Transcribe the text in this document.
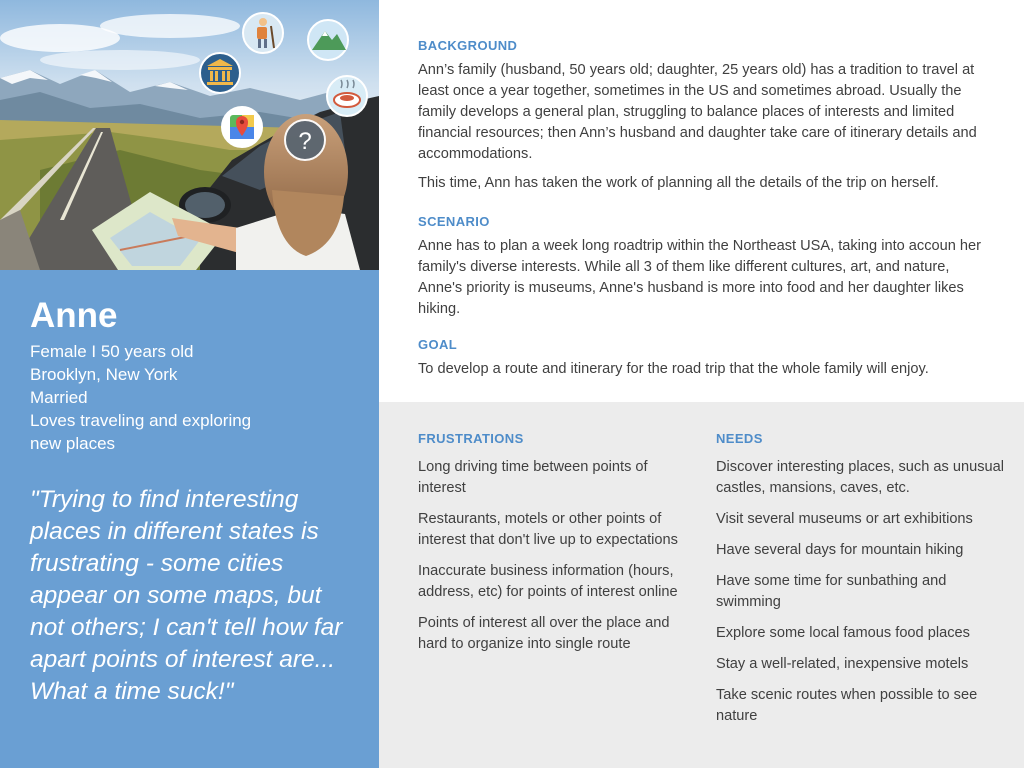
?
Anne
Female I 50 years old
Brooklyn, New York
Married
Loves traveling and exploring
new places
"Trying to find interesting places in different states is frustrating - some cities appear on some maps, but not others; I can't tell how far apart points of interest are... What a time suck!"
BACKGROUND
Ann’s family (husband, 50 years old; daughter, 25 years old) has a tradition to travel at least once a year together, sometimes in the US and sometimes abroad. Usually the family develops a general plan, struggling to balance places of interests and limited financial resources; then Ann’s husband and daughter take care of itinerary details and accommodations.
This time, Ann has taken the work of planning all the details of the trip on herself.
SCENARIO
Anne has to plan a week long roadtrip within the Northeast USA, taking into accoun her family's diverse interests. While all 3 of them like different cultures, art, and nature, Anne's priority is museums, Anne's husband is more into food and her daughter likes hiking.
GOAL
To develop a route and itinerary for the road trip that the whole family will enjoy.
FRUSTRATIONS
Long driving time between points of interest
Restaurants, motels or other points of interest that don't live up to expectations
Inaccurate business information (hours, address, etc) for points of interest online
Points of interest all over the place and hard to organize into single route
NEEDS
Discover interesting places, such as unusual castles, mansions, caves, etc.
Visit several museums or art exhibitions
Have several days for mountain hiking
Have some time for sunbathing and swimming
Explore some local famous food places
Stay a well-related, inexpensive motels
Take scenic routes when possible to see nature
